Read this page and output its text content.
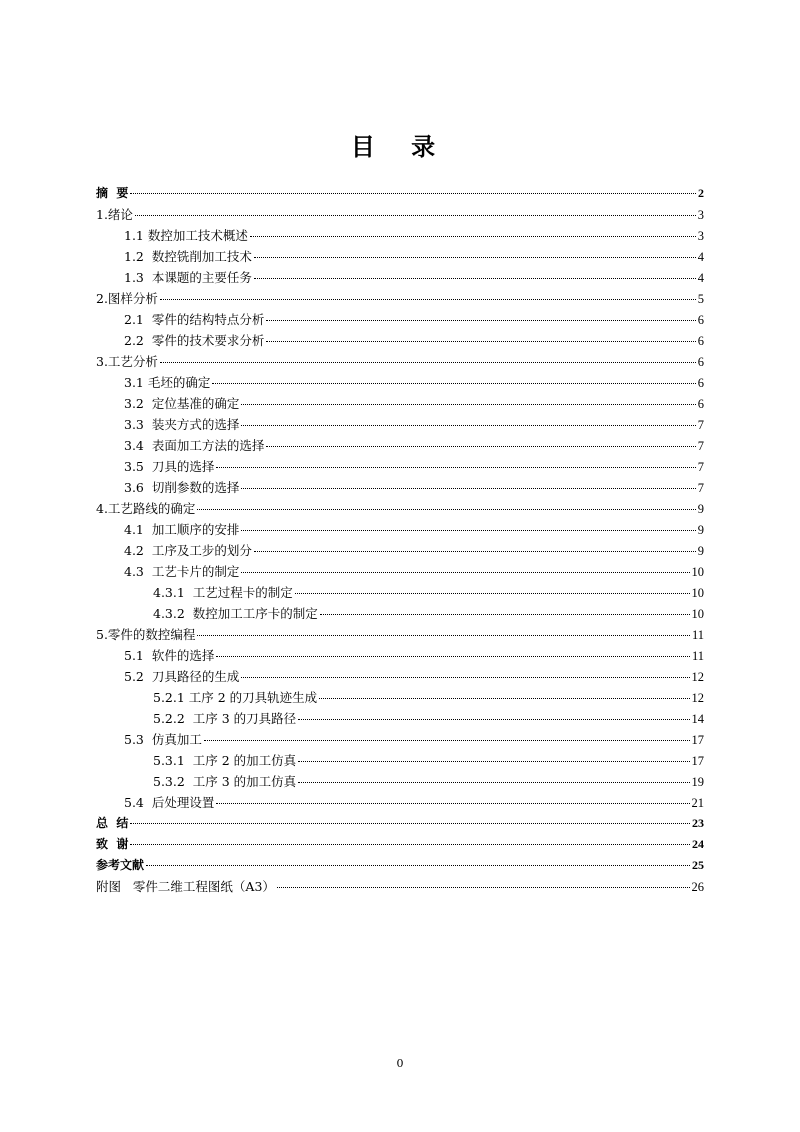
目 录
摘  要	2
1.绪论	3
1.1 数控加工技术概述	3
1.2  数控铣削加工技术	4
1.3  本课题的主要任务	4
2.图样分析	5
2.1  零件的结构特点分析	6
2.2  零件的技术要求分析	6
3.工艺分析	6
3.1 毛坯的确定	6
3.2  定位基准的确定	6
3.3  装夹方式的选择	7
3.4  表面加工方法的选择	7
3.5  刀具的选择	7
3.6  切削参数的选择	7
4.工艺路线的确定	9
4.1  加工顺序的安排	9
4.2  工序及工步的划分	9
4.3  工艺卡片的制定	10
4.3.1  工艺过程卡的制定	10
4.3.2  数控加工工序卡的制定	10
5.零件的数控编程	11
5.1  软件的选择	11
5.2  刀具路径的生成	12
5.2.1 工序 2 的刀具轨迹生成	12
5.2.2  工序 3 的刀具路径	14
5.3  仿真加工	17
5.3.1  工序 2 的加工仿真	17
5.3.2  工序 3 的加工仿真	19
5.4  后处理设置	21
总  结	23
致  谢	24
参考文献	25
附图   零件二维工程图纸（A3）	26
0
